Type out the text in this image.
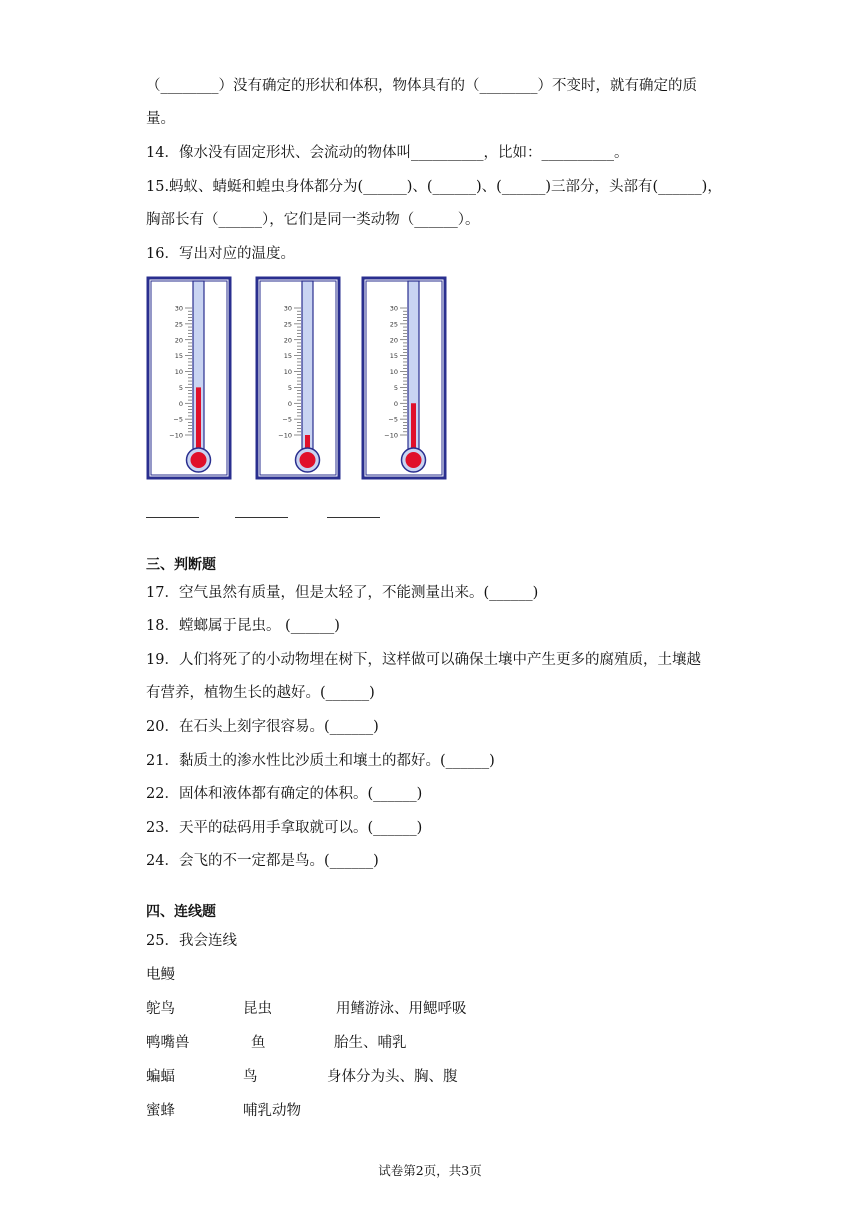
（________）没有确定的形状和体积，物体具有的（________）不变时，就有确定的质
量。
14．像水没有固定形状、会流动的物体叫__________，比如：__________。
15.蚂蚁、蜻蜓和蝗虫身体都分为(______)、(______)、(______)三部分，头部有(______)，
胸部长有（______），它们是同一类动物（______）。
16．写出对应的温度。
30
25
20
15
10
5
0
−5
−10
30
25
20
15
10
5
0
−5
−10
30
25
20
15
10
5
0
−5
−10
三、判断题
17．空气虽然有质量，但是太轻了，不能测量出来。(______)
18．螳螂属于昆虫。 (______)
19．人们将死了的小动物埋在树下，这样做可以确保土壤中产生更多的腐殖质，土壤越
有营养，植物生长的越好。(______)
20．在石头上刻字很容易。(______)
21．黏质土的渗水性比沙质土和壤土的都好。(______)
22．固体和液体都有确定的体积。(______)
23．天平的砝码用手拿取就可以。(______)
24．会飞的不一定都是鸟。(______)
四、连线题
25．我会连线
电鳗
鸵鸟
鸭嘴兽
蝙蝠
蜜蜂
昆虫
鱼
鸟
哺乳动物
用鳍游泳、用鳃呼吸
胎生、哺乳
身体分为头、胸、腹
试卷第2页，共3页
